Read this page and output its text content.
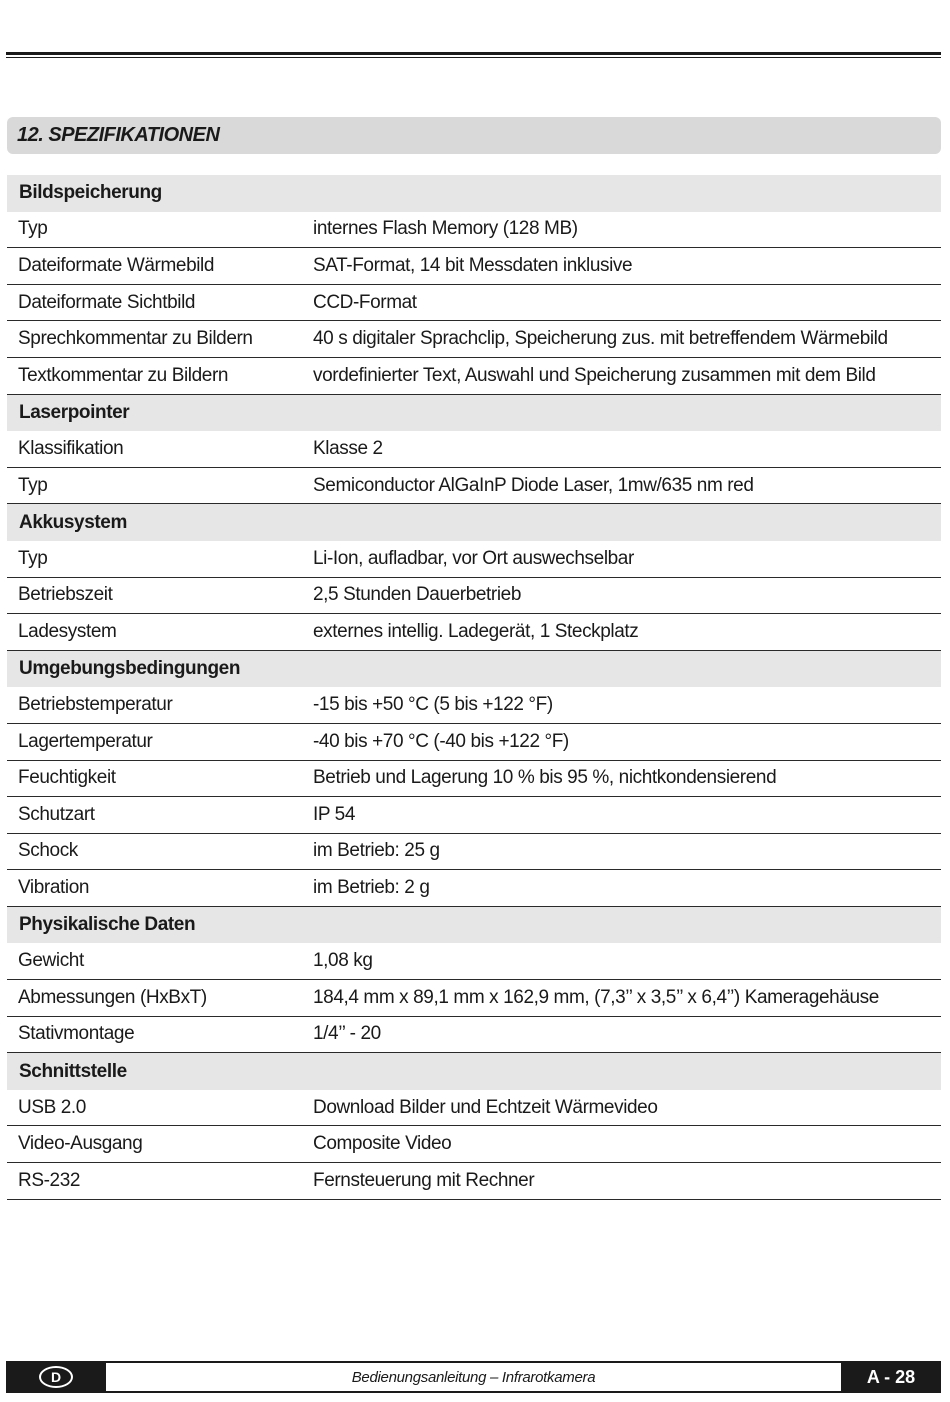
12. SPEZIFIKATIONEN
Bildspeicherung
Typ	internes Flash Memory (128 MB)
Dateiformate Wärmebild	SAT-Format, 14 bit Messdaten inklusive
Dateiformate Sichtbild	CCD-Format
Sprechkommentar zu Bildern	40 s digitaler Sprachclip, Speicherung zus. mit betreffendem Wärmebild
Textkommentar zu Bildern	vordefinierter Text, Auswahl und Speicherung zusammen mit dem Bild
Laserpointer
Klassifikation	Klasse 2
Typ	Semiconductor AlGaInP Diode Laser, 1mw/635 nm red
Akkusystem
Typ	Li-Ion, aufladbar, vor Ort auswechselbar
Betriebszeit	2,5 Stunden Dauerbetrieb
Ladesystem	externes intellig. Ladegerät, 1 Steckplatz
Umgebungsbedingungen
Betriebstemperatur	-15 bis +50 °C (5 bis +122 °F)
Lagertemperatur	-40 bis +70 °C (-40 bis +122 °F)
Feuchtigkeit	Betrieb und Lagerung 10 % bis 95 %, nichtkondensierend
Schutzart	IP 54
Schock	im Betrieb: 25 g
Vibration	im Betrieb: 2 g
Physikalische Daten
Gewicht	1,08 kg
Abmessungen (HxBxT)	184,4 mm x 89,1 mm x 162,9 mm, (7,3’’ x 3,5’’ x 6,4’’) Kameragehäuse
Stativmontage	1/4’’ - 20
Schnittstelle
USB 2.0	Download Bilder und Echtzeit Wärmevideo
Video-Ausgang	Composite Video
RS-232	Fernsteuerung mit Rechner
D	Bedienungsanleitung – Infrarotkamera	A - 28
